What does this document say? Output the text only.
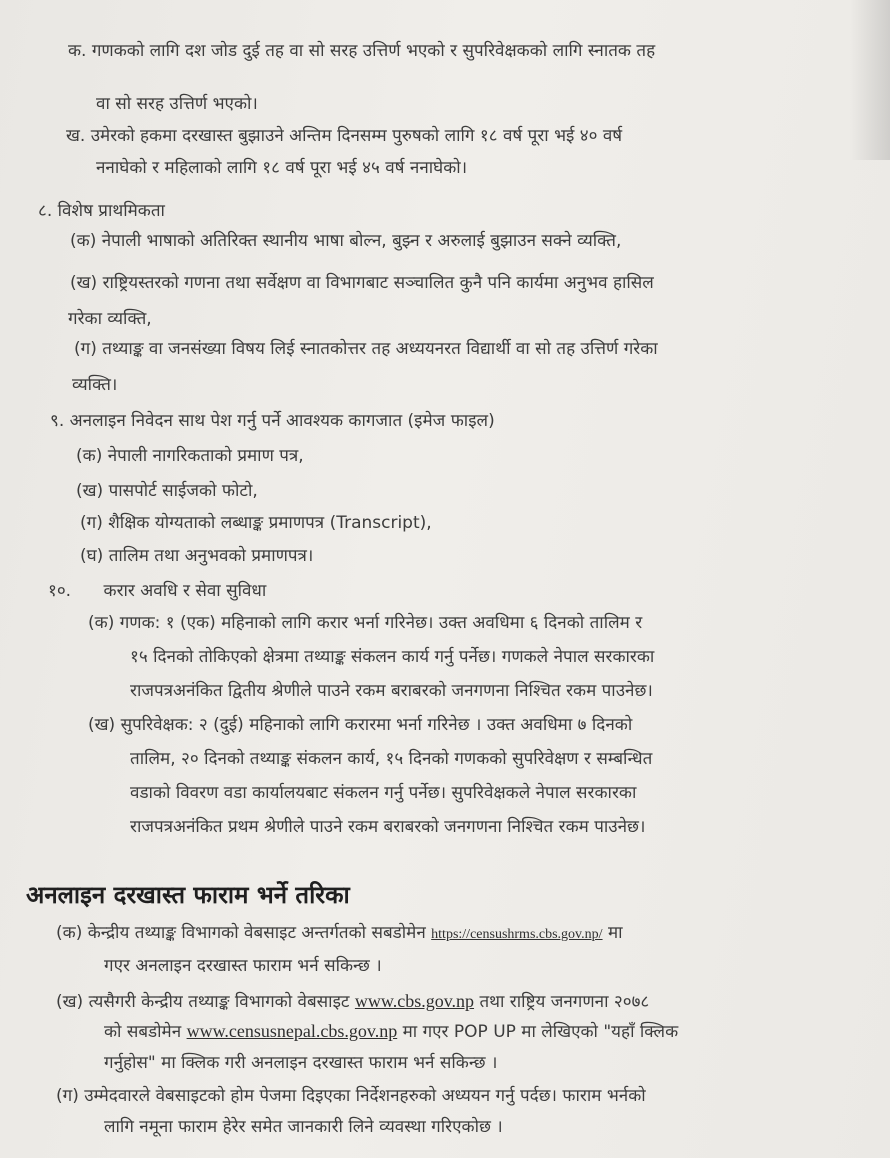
क. गणकको लागि दश जोड दुई तह वा सो सरह उत्तिर्ण भएको र सुपरिवेक्षकको लागि स्नातक तह
वा सो सरह उत्तिर्ण भएको।
ख. उमेरको हकमा दरखास्त बुझाउने अन्तिम दिनसम्म पुरुषको लागि १८ वर्ष पूरा भई ४० वर्ष
ननाघेको र महिलाको लागि १८ वर्ष पूरा भई ४५ वर्ष ननाघेको।
८. विशेष प्राथमिकता
(क) नेपाली भाषाको अतिरिक्त स्थानीय भाषा बोल्न, बुझ्न र अरुलाई बुझाउन सक्ने व्यक्ति,
(ख) राष्ट्रियस्तरको गणना तथा सर्वेक्षण वा विभागबाट सञ्चालित कुनै पनि कार्यमा अनुभव हासिल
गरेका व्यक्ति,
(ग) तथ्याङ्क वा जनसंख्या विषय लिई स्नातकोत्तर तह अध्ययनरत विद्यार्थी वा सो तह उत्तिर्ण गरेका
व्यक्ति।
९. अनलाइन निवेदन साथ पेश गर्नु पर्ने आवश्यक कागजात (इमेज फाइल)
(क) नेपाली नागरिकताको प्रमाण पत्र,
(ख) पासपोर्ट साईजको फोटो,
(ग) शैक्षिक योग्यताको लब्धाङ्क प्रमाणपत्र (Transcript),
(घ) तालिम तथा अनुभवको प्रमाणपत्र।
१०.      करार अवधि र सेवा सुविधा
(क) गणक: १ (एक) महिनाको लागि करार भर्ना गरिनेछ। उक्त अवधिमा ६ दिनको तालिम र
१५ दिनको तोकिएको क्षेत्रमा तथ्याङ्क संकलन कार्य गर्नु पर्नेछ। गणकले नेपाल सरकारका
राजपत्रअनंकित द्वितीय श्रेणीले पाउने रकम बराबरको जनगणना निश्चित रकम पाउनेछ।
(ख) सुपरिवेक्षक: २ (दुई) महिनाको लागि करारमा भर्ना गरिनेछ । उक्त अवधिमा ७ दिनको
तालिम, २० दिनको तथ्याङ्क संकलन कार्य, १५ दिनको गणकको सुपरिवेक्षण र सम्बन्धित
वडाको विवरण वडा कार्यालयबाट संकलन गर्नु पर्नेछ। सुपरिवेक्षकले नेपाल सरकारका
राजपत्रअनंकित प्रथम श्रेणीले पाउने रकम बराबरको जनगणना निश्चित रकम पाउनेछ।
अनलाइन दरखास्त फाराम भर्ने तरिका
(क) केन्द्रीय तथ्याङ्क विभागको वेबसाइट अन्तर्गतको सबडोमेन https://censushrms.cbs.gov.np/ मा
गएर अनलाइन दरखास्त फाराम भर्न सकिन्छ ।
(ख) त्यसैगरी केन्द्रीय तथ्याङ्क विभागको वेबसाइट www.cbs.gov.np तथा राष्ट्रिय जनगणना २०७८
को सबडोमेन www.censusnepal.cbs.gov.np मा गएर POP UP मा लेखिएको "यहाँ क्लिक
गर्नुहोस" मा क्लिक गरी अनलाइन दरखास्त फाराम भर्न सकिन्छ ।
(ग) उम्मेदवारले वेबसाइटको होम पेजमा दिइएका निर्देशनहरुको अध्ययन गर्नु पर्दछ। फाराम भर्नको
लागि नमूना फाराम हेरेर समेत जानकारी लिने व्यवस्था गरिएकोछ ।
